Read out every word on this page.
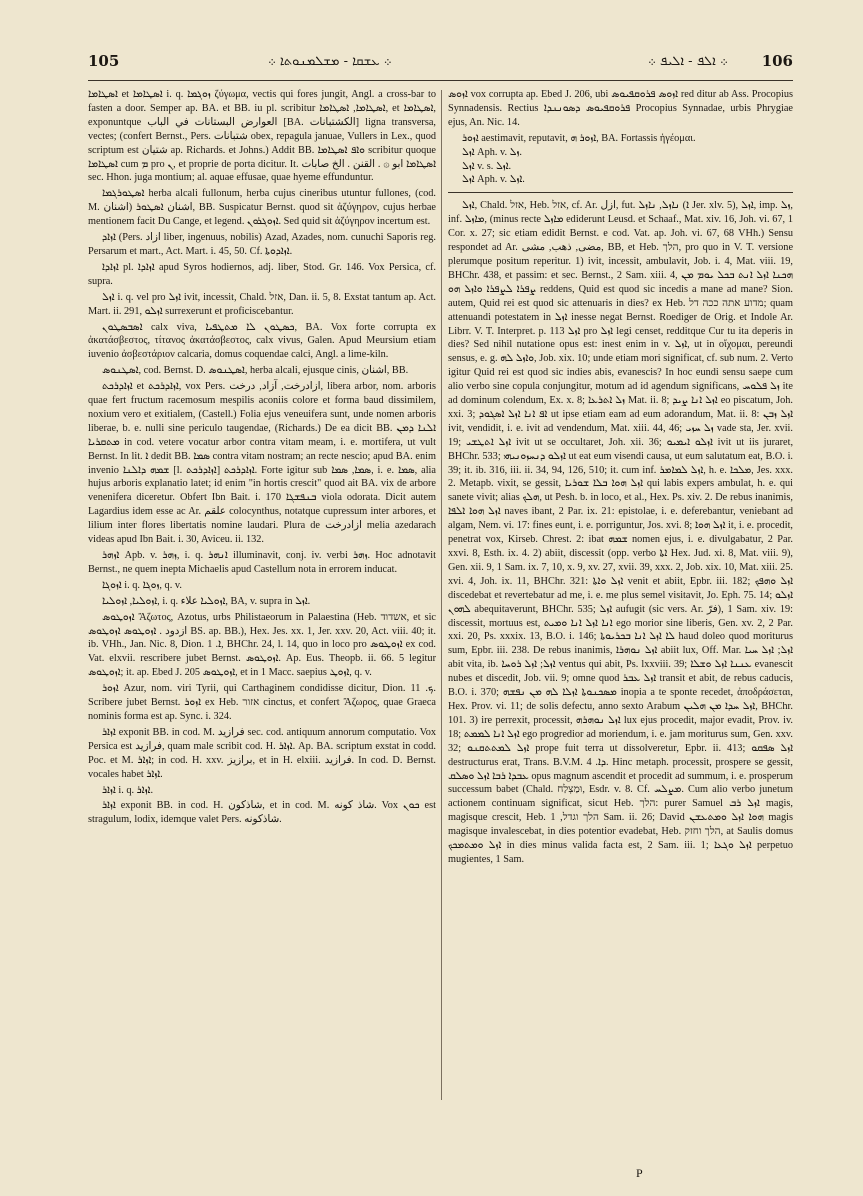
105	܀ ܥܫܩܐ - ܡܫܠܡܢܘܬܐ ܀	܀ ܐܠܦ - ܐܠܝܦ ܀ 106

ܐܣܛܐܡܐ et ܐܣܛܐܡܐ i. q. ܙܘܓܡܐ ζύγωμα, vectis qui fores jungit, Angl. a cross-bar to fasten a door. Semper ap. BA. et BB. iu pl. scribitur ܐܣܛܐܡܐ, ܐܣܛܐܡܐ, et ܐܣܛܐܡܐ, exponuntque العوارض البستانات في الباب [BA. الكشتبانات] ligna transversa, vectes; (confert Bernst., Pers. شتبانات obex, repagula januae, Vullers in Lex., quod scriptum est شتيان ap. Richards. et Johns.) Addit BB. ܘܐܦ ܐܣܛܐܡܐ scribitur quoque ܐܣܛܐܡܐ cum ܡ pro ܢ, et proprie de porta dicitur. It. ܐܣܛܐܡܐ ابو ۞ . القنن . الخ صابات sec. Hhon. juga montium; al. aquae effusae, quae hyeme effunduntur.

ܐܣܛܘܪܓܡܐ herba alcali fullonum, herba cujus cineribus utuntur fullones, (cod. M. اشنان) اشنان ܐܣܛܘܪ, BB. Suspicatur Bernst. quod sit ἀζύγηρον, cujus herbae mentionem facit Du Cange, et legend. ܐܙܘܓܪܘܢ. Sed quid sit ἀζύγηρον incertum est.

ܐܙܐܕ (Pers. ازاد liber, ingenuus, nobilis) Azad, Azades, nom. cunuchi Saporis reg. Persarum et mart., Act. Mart. i. 45, 50. Cf. ܐܙܐܕܘܬܐ.

ܐܙܐܕܐ pl. ܐܙܐܕܐ apud Syros hodiernos, adj. liber, Stod. Gr. 146. Vox Persica, cf. supra.

ܐܙܠ i. q. vel pro ܐܙܠ ivit, incessit, Chald. אזל, Dan. ii. 5, 8. Exstat tantum ap. Act. Mart. ii. 291, ܐܙܠܘ surrexerunt et proficiscebantur.

ܐܣܒܣܛܘܢ calx viva, ܟܣܛܘܢ ܠܐ ܡܬܛܦܝܐ, BA. Vox forte corrupta ex ἀκατάσβεστος, τίτανος ἀκατάσβεστος, calx vivus, Galen. Apud Meursium etiam iuvenio ἀσβεστάριον calcaria, domus coquendae calci, Angl. a lime-kiln.

ܐܣܛܢܘܣ, cod. Bernst. D. ܐܣܛܢܘܣ, herba alcali, ejusque cinis, اشنان, BB.

ܐܙܐܕܪܟܬ et ܐܙܐܕܪܟܬ, vox Pers. ازادرخت, آزاد, درخت, libera arbor, nom. arboris quae fert fructum racemosum mespilis aconiis colore et forma baud dissimilem, noxium vero et exitialem, (Castell.) Folia ejus veneuifera sunt, unde nomen arboris liberae, b. e. nulli sine periculo taugendae, (Richards.) De ea dicit BB. ܐܠܢܐ ܕܡܢ ܡܬܩܪܝܐ in cod. vetere vocatur arbor contra vitam meam, i. e. mortifera, ut vult Bernst. In lit. ܐ dedit BB. ܣܡܐ contra vitam nostram; an recte nescio; apud BA. enim invenio ܫܡܗ ܕܐܠܢܐ [l. ܐܙܐܕܪܟܬ] ܐܙܐܕܪܟܬ. Forte igitur sub ܣܡܐ, ܣܡܐ, i. e. ܣܡܐ, alia hujus arboris explanatio latet; id enim "in hortis crescit" quod ait BA. vix de arbore venenifera diceretur. Obfert Ibn Bait. i. 170 ܒܢܦܫܓܐ viola odorata. Dicit autem Lagardius idem esse ac Ar. علقم colocynthus, notatque cupressum inter arbores, et lilium inter flores libertatis nomine laudari. Plura de ازادرخت melia azedarach videas apud Ibn Bait. i. 30, Aviceu. ii. 132.

ܐܙܗܪ Apb. v. ܙܗܪ, i. q. ܐܢܗܪ illuminavit, conj. iv. verbi ܙܗܪ. Hoc adnotavit Bernst., ne quem inepta Michaelis apud Castellum nota in errorem inducat.

ܐܙܘܓܐ i. q. ܙܘܓܐ, q. v.

ܐܙܘܠܝܐ, ܐܙܘܠܝܐ, i. q. ܐܙܘܠܝܐ علاء, BA, v. supra in ܐܙܠ.

ܐܙܘܛܘܣ Ἄζωτος, Azotus, urbs Philistaeorum in Palaestina (Heb. אשדוד, et sic ازدود . ܐܙܘܛܘܣ ܐܙܘܛܘܣ BS. ap. BB.), Hex. Jes. xx. 1, Jer. xxv. 20, Act. viii. 40; it. ib. VHh., Jan. Nic. 8, Dion. ܐ. 1, BHChr. 24, l. 14, quo in loco pro ܐܙܘܛܘܣ ex cod. Vat. elxvii. rescribere jubet Bernst. ܐܙܘܛܘܣ. Ap. Eus. Theopb. ii. 66. 5 legitur ܐܙܘܛܘܣ; it. ap. Ebed J. 205 ܐܙܘܛܘܣ, et in 1 Macc. saepius ܐܙܘܛ, q. v.

ܐܙܘܪ Azur, nom. viri Tyrii, qui Carthaginem condidisse dicitur, Dion. ܟ. 11. Scribere jubet Bernst. ܐܙܘܪ ex Heb. אזור cinctus, et confert Ἄζωρος, quae Graeca nominis forma est ap. Sync. i. 324.

ܐܙܐܪ exponit BB. in cod. M. فرازيد sec. cod. antiquum annorum computatio. Vox Persica est فرازيد, quam male scribit cod. H. ܐܙܐܪ. Ap. BA. scriptum exstat in codd. Poc. et M. ܐܙܐܪ; in cod. H. xxv. برازيز, et in H. elxiii. فرازيد. In cod. D. Bernst. vocales habet ܐܙܐܪ.

ܐܙܐܪ i. q. ܐܙܐܪ.

ܐܙܐܪ exponit BB. in cod. H. شاذكون, et in cod. M. شاذ كونه. Vox ܟܘܢ est stragulum, lodix, idemque valet Pers. شاذكونه.

ܐܙܘܣ vox corrupta ap. Ebed J. 206, ubi ܐܙܘܣ ܦܪܘܩܦܝܘܣ red ditur ab Ass. Procopius Synnadensis. Rectius ܦܪܘܩܦܝܘܣ ܕܣܘܢܢܕܐ Procopius Synnadae, urbis Phrygiae ejus, An. Nic. 14.

ܐܙܘܪ aestimavit, reputavit, ܐܙܘܪ ܗ, BA. Fortassis ἡγέομαι.

ܐܙܠ Aph. v. ܙܠ.

ܐܙܠ v. s. ܐܙܠ.

ܐܙܠ Aph. v. ܐܙܠ.

ܐܙܠ, Chald. אזל, Heb. אזל, cf. Ar. ازل, fut. ܢܐܙܠ, ܢܐܙܠ (ܐ Jer. xlv. 5), ܐܙܠ, imp. ܙܠ, inf. ܡܐܙܠ, (minus recte ܡܐܙܠ ediderunt Leusd. et Schaaf., Mat. xiv. 16, Joh. vi. 67, 1 Cor. x. 27; sic etiam edidit Bernst. e cod. Vat. ap. Joh. vi. 67, 68 VHh.) Sensu respondet ad Ar. مضى, ذهب, مشى, BB, et Heb. הלך, pro quo in V. T. versione plerumque positum reperitur. 1) ivit, incessit, ambulavit, Job. i. 4, Mat. viii. 19, BHChr. 438, et passim: et sec. Bernst., 2 Sam. xiii. 4, ܗܟܢܐ ܐܙܠ ܐܢܬ ܒܟܠ ܝܘܡ ܡܢ ܨܦܪܐ ܠܨܦܪܐ ܘܐܙܠ ܗܘ reddens, Quid est quod sic incedis a mane ad mane? Sion. autem, Quid rei est quod sic attenuaris in dies? ex Heb. מדוע אתה ככה דל; quam attenuandi potestatem in ܐܙܠ inesse negat Bernst. Roediger de Orig. et Indole Ar. Librr. V. T. Interpret. p. 113 ܐܙܠ pro ܐܙܠ legi censet, redditque Cur tu ita deperis in dies? Sed nihil nutatione opus est: inest enim in v. ܐܙܠ, ut in οἴχομαι, pereundi sensus, e. g. ܘܐܙܠ ܠܗ, Job. xix. 10; unde etiam mori significat, cf. sub num. 2. Verto igitur Quid rei est quod sic indies abis, evanescis? In hoc eundi sensu saepe cum alio verbo sine copula conjungitur, motum ad id agendum significans, ܙܠ ܦܠܘܚ ite ad dominum colendum, Ex. x. 8; ܙܠ ܐܬܪܥܐ Mat. ii. 8; ܐܙܠ ܐܢܐ ܨܝܕ eo piscatum, Joh. xxi. 3; ܐܦ ܐܢܐ ܐܙܠ ܐܣܓܘܕ ut ipse etiam eam ad eum adorandum, Mat. ii. 8: ܐܙܠ ܙܒܢ ivit, vendidit, i. e. ivit ad vendendum, Mat. xiii. 44, 46; ܙܠ ܚܙܝ vade sta, Jer. xvii. 19; ܐܙܠ ܐܬܛܫܝ ivit ut se occultaret, Joh. xii. 36; ܐܙܠܘ ܐܝܡܝܘ ivit ut iis juraret, BHChr. 533; ܐܙܠܘ ܕܢܚܙܘܢܝܗܝ ut eat eum visendi causa, ut eum salutatum eat, B.O. i. 39; it. ib. 316, iii. ii. 34, 94, 126, 510; it. cum inf. ܐܙܠ ܠܡܐܡܪ, h. e. ܡܠܟܐ, Jes. xxx. 2. Metapb. vixit, se gessit, ܐܙܠ ܗܘܐ ܒܠܐ ܫܘܪܝܐ qui labis expers ambulat, h. e. qui sanete vivit; alias ܗܠܟ, ut Pesh. b. in loco, et al., Hex. Ps. xiv. 2. De rebus inanimis, ܐܙܠ ܗܘܐ ܐܠܦܐ naves ibant, 2 Par. ix. 21: epistolae, i. e. deferebantur, veniebant ad algam, Nem. vi. 17: fines eunt, i. e. porriguntur, Jos. xvi. 8; ܐܙܠ ܗܘܐ it, i. e. procedit, penetrat vox, Kirseb. Chrest. 2: ibat ܫܡܗ nomen ejus, i. e. divulgabatur, 2 Par. xxvi. 8, Esth. ix. 4. 2) abiit, discessit (opp. verbo ܐܬܐ Hex. Jud. xi. 8, Mat. viii. 9), Gen. xii. 9, 1 Sam. ix. 7, 10, x. 9, xv. 27, xvii. 39, xxx. 2, Job. xix. 10, Mat. xiii. 25. xvi. 4, Joh. ix. 11, BHChr. 321: ܐܙܠ ܘܐܬܐ venit et abiit, Epbr. iii. 182; ܐܙܠ ܘܗܦܟ discedebat et revertebatur ad me, i. e. me plus semel visitavit, Jo. Eph. 75. 14; ܐܙܠܘ ܠܗܘܢ abequitaverunt, BHChr. 535; ܐܙܠ aufugit (sic vers. Ar. فرّ), 1 Sam. xiv. 19: discessit, mortuus est, ܐܢܐ ܐܙܠ ܐܢܐ ܘܡܝܬ ego morior sine liberis, Gen. xv. 2, 2 Par. xxi. 20, Ps. xxxix. 13, B.O. i. 146; ܠܐ ܐܙܠ ܐܢܐ ܒܟܪܝܘܬܐ haud doleo quod moriturus sum, Epbr. iii. 238. De rebus inanimis, ܐܙܠ ܢܘܗܪܐ abiit lux, Off. Mar. ܐܙܠ; ܐܙܠ ܚܝܐ abit vita, ib. ܐܙܠ; ܐܙܠ ܪܘܚܐ ventus qui abit, Ps. lxxviii. 39; ܥܢܢܐ ܐܙܠ ܘܫܠܐ evanescit nubes et discedit, Job. vii. 9; omne quod ܐܙܠ ܥܒܪ transit et abit, de rebus caducis, B.O. i. 370; ܡܣܟܢܘܬܐ ܐܙܠܐ ܠܗ ܡܢ ܢܦܫܗ inopia a te sponte recedet, ἀποδράσεται, Hex. Prov. vi. 11; de solis defectu, anno sexto Arabum ܐܙܠ ܚܕܐ ܡܢ ܗܠܝܢ, BHChr. 101. 3) ire perrexit, processit, ܐܙܠ ܢܘܗܪܗ lux ejus procedit, major evadit, Prov. iv. 18; ܐܙܠ ܐܢܐ ܠܡܡܬ ego progredior ad moriendum, i. e. jam moriturus sum, Gen. xxv. 32; ܐܙܠ ܠܡܬܬܩܢܘ prope fuit terra ut dissolveretur, Epbr. ii. 413; ܐܙܠ ܣܦܩܘ destructurus erat, Trans. B.V.M. ܕܐ. 4. Hinc metaph. processit, prospere se gessit, ܥܒܕܐ ܪܒܐ ܐܙܠ ܘܣܠܩ opus magnum ascendit et procedit ad summum, i. e. prosperum successum babet (Chald. וּמַצְלַח, Esdr. v. 8. Cf. ܡܨܠܚ. Cum alio verbo junetum actionem continuam significat, sicut Heb. הלך: purer Samuel ܐܙܠ ܪܒ magis, magisque crescit, Heb. הלך וגדל, 1 Sam. ii. 26; David ܗܘܐ ܐܙܠ ܘܡܬܥܫܢ magis magisque invalescebat, in dies potentior evadebat, Heb. הלך וחזק, at Saulis domus ܐܙܠ ܘܡܬܡܟܟ in dies minus valida facta est, 2 Sam. iii. 1; ܐܙܠ ܘܓܥܐ perpetuo mugientes, 1 Sam.

P
